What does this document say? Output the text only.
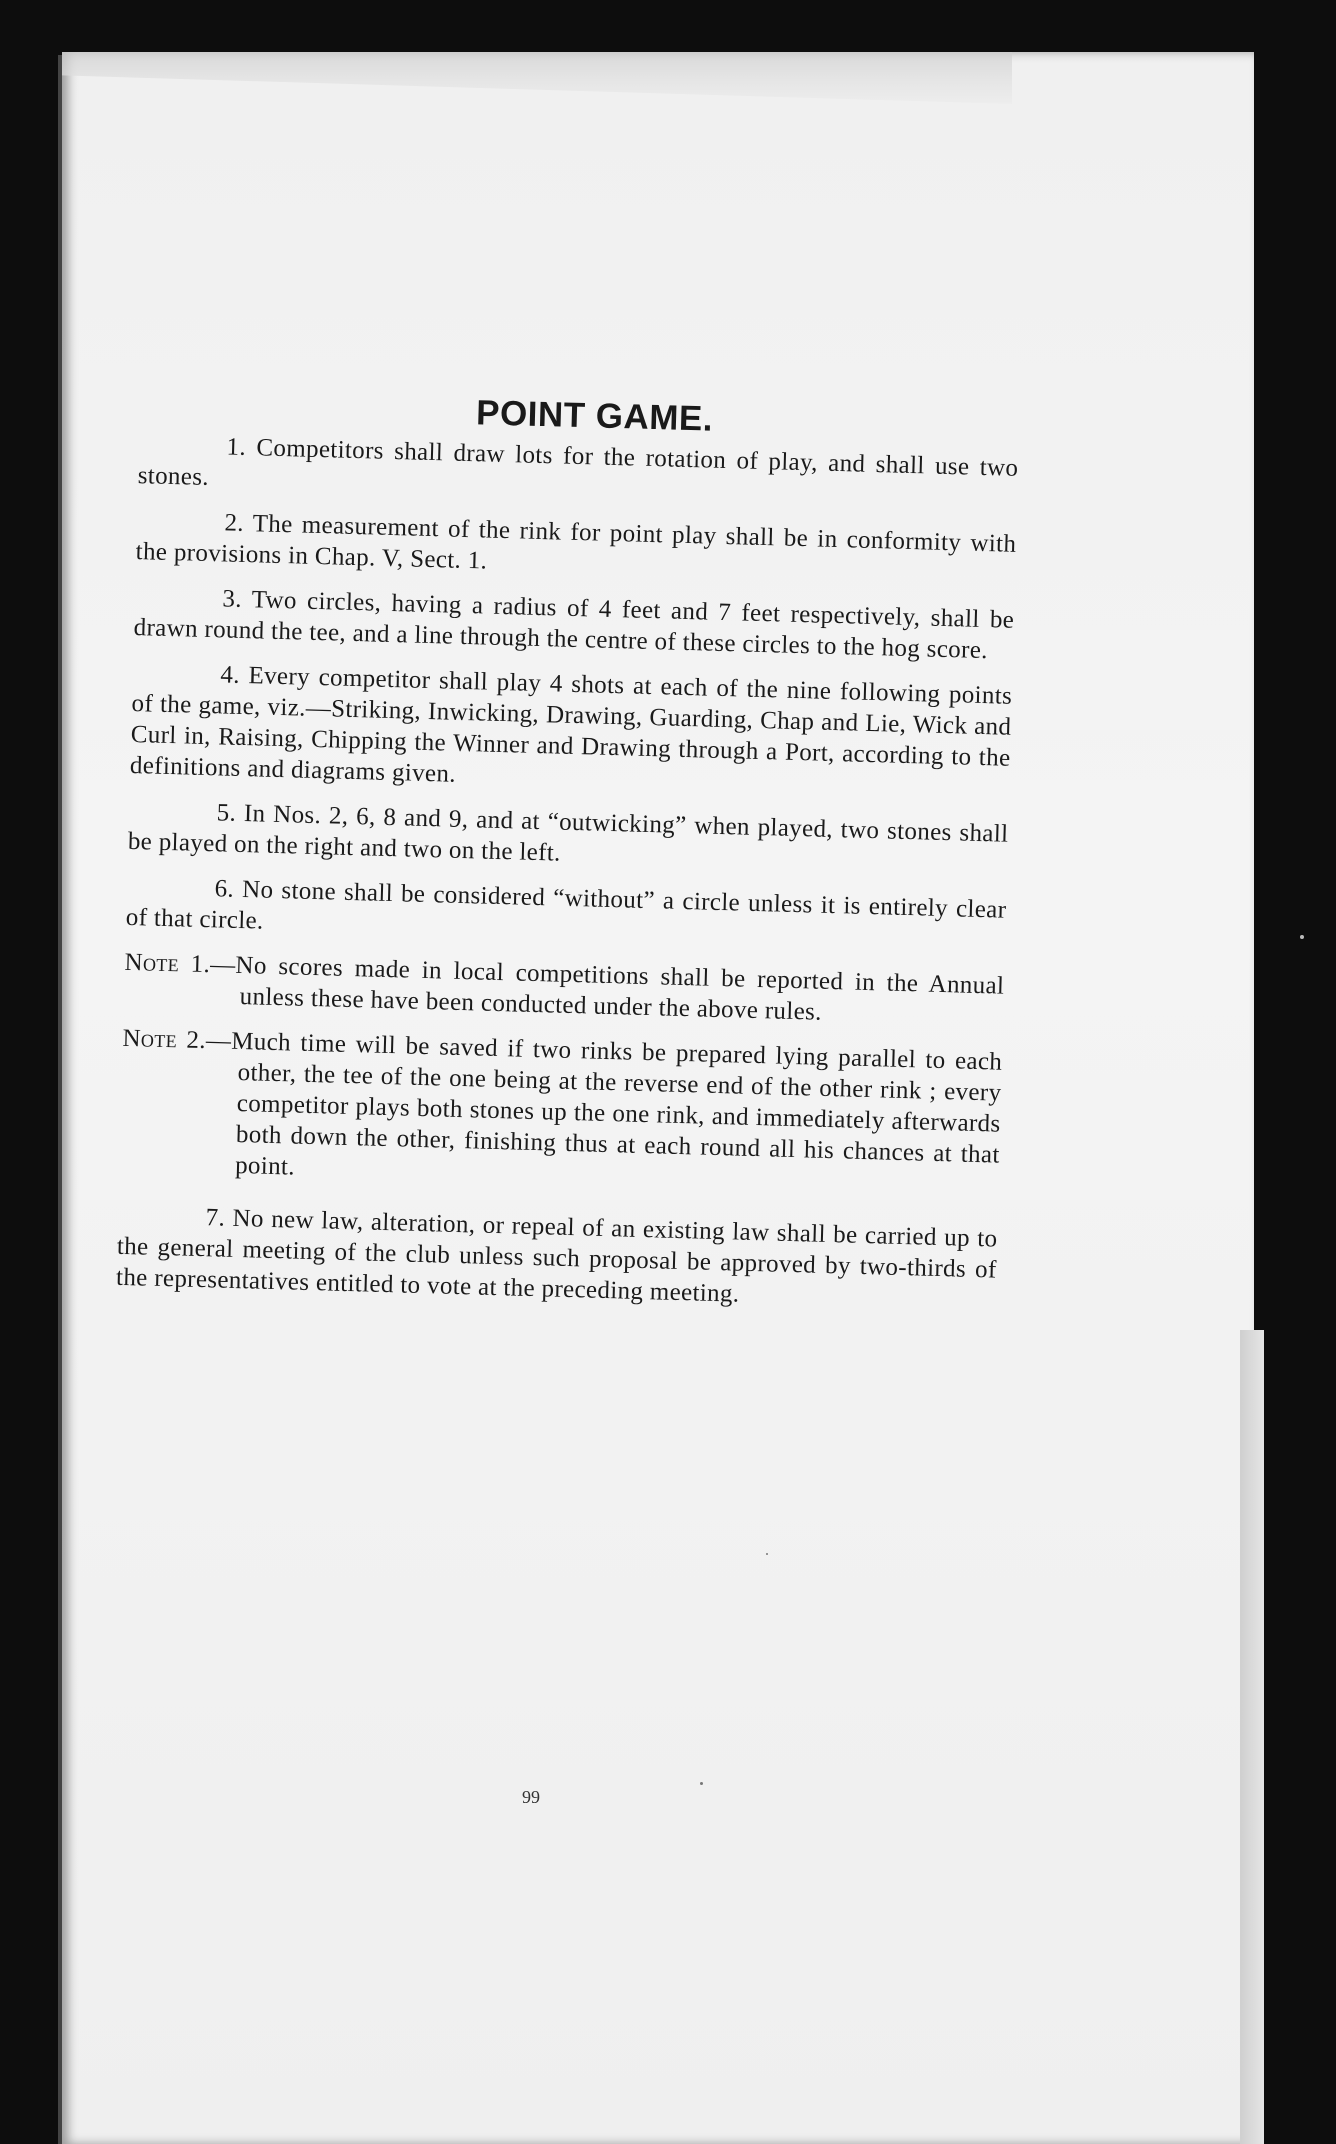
POINT GAME.

1. Competitors shall draw lots for the rotation of play, and shall use two stones.

2. The measurement of the rink for point play shall be in conformity with the provisions in Chap. V, Sect. 1.

3. Two circles, having a radius of 4 feet and 7 feet respectively, shall be drawn round the tee, and a line through the centre of these circles to the hog score.

4. Every competitor shall play 4 shots at each of the nine following points of the game, viz.—Striking, Inwicking, Drawing, Guarding, Chap and Lie, Wick and Curl in, Raising, Chipping the Winner and Drawing through a Port, according to the definitions and diagrams given.

5. In Nos. 2, 6, 8 and 9, and at “outwicking” when played, two stones shall be played on the right and two on the left.

6. No stone shall be considered “without” a circle unless it is entirely clear of that circle.

Note 1.—No scores made in local competitions shall be reported in the Annual unless these have been conducted under the above rules.

Note 2.—Much time will be saved if two rinks be prepared lying parallel to each other, the tee of the one being at the reverse end of the other rink ; every competitor plays both stones up the one rink, and immediately afterwards both down the other, finishing thus at each round all his chances at that point.

7. No new law, alteration, or repeal of an existing law shall be carried up to the general meeting of the club unless such proposal be approved by two-thirds of the representatives entitled to vote at the preceding meeting.

99
